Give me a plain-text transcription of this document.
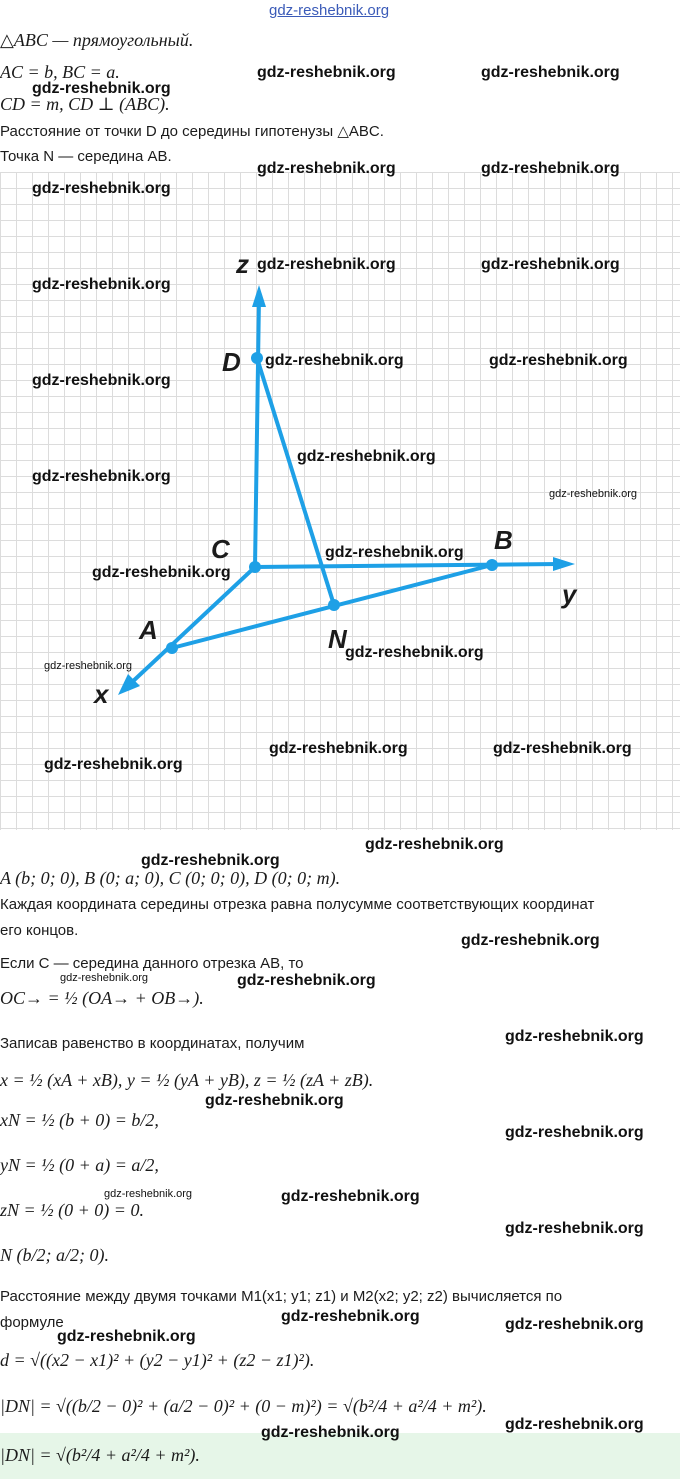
gdz-reshebnik.org
△ABC — прямоугольный.
AC = b, BC = a.
CD = m, CD ⊥ (ABC).
Расстояние от точки D до середины гипотенузы △ABC.
Точка N — середина AB.
z
D
C	B
y
A	N
x
A (b; 0; 0), B (0; a; 0), C (0; 0; 0), D (0; 0; m).
Каждая координата середины отрезка равна полусумме соответствующих координат
его концов.
Если C — середина данного отрезка AB, то
OC→ = ½ (OA→ + OB→).
Записав равенство в координатах, получим
x = ½ (xA + xB), y = ½ (yA + yB), z = ½ (zA + zB).
xN = ½ (b + 0) = b/2,
yN = ½ (0 + a) = a/2,
zN = ½ (0 + 0) = 0.
N (b/2; a/2; 0).
Расстояние между двумя точками M1(x1; y1; z1) и M2(x2; y2; z2) вычисляется по
формуле
d = √((x2 − x1)² + (y2 − y1)² + (z2 − z1)²).
|DN| = √((b/2 − 0)² + (a/2 − 0)² + (0 − m)²) = √(b²/4 + a²/4 + m²).
|DN| = √(b²/4 + a²/4 + m²).
gdz-reshebnik.org	gdz-reshebnik.org
gdz-reshebnik.org
gdz-reshebnik.org	gdz-reshebnik.org
gdz-reshebnik.org
gdz-reshebnik.org	gdz-reshebnik.org
gdz-reshebnik.org
gdz-reshebnik.org	gdz-reshebnik.org
gdz-reshebnik.org
gdz-reshebnik.org
gdz-reshebnik.org
gdz-reshebnik.org
gdz-reshebnik.org
gdz-reshebnik.org
gdz-reshebnik.org
gdz-reshebnik.org
gdz-reshebnik.org	gdz-reshebnik.org
gdz-reshebnik.org
gdz-reshebnik.org
gdz-reshebnik.org
gdz-reshebnik.org
gdz-reshebnik.org	gdz-reshebnik.org
gdz-reshebnik.org
gdz-reshebnik.org
gdz-reshebnik.org
gdz-reshebnik.org	gdz-reshebnik.org
gdz-reshebnik.org
gdz-reshebnik.org	gdz-reshebnik.org
gdz-reshebnik.org
gdz-reshebnik.org
gdz-reshebnik.org
